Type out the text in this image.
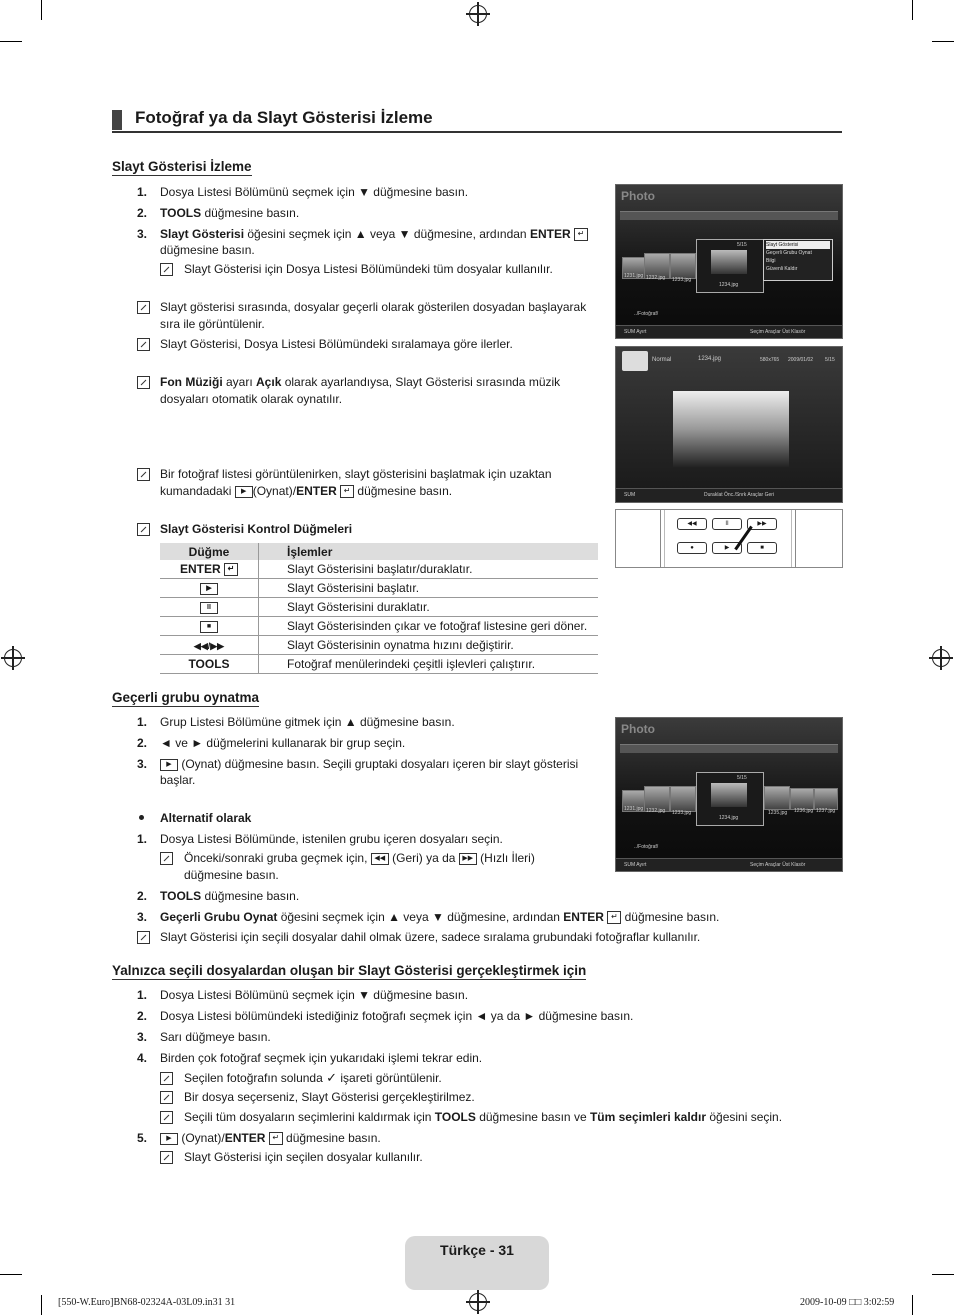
Fotoğraf ya da Slayt Gösterisi İzleme
Slayt Gösterisi İzleme
1. Dosya Listesi Bölümünü seçmek için ▼ düğmesine basın.
2. TOOLS düğmesine basın.
3. Slayt Gösterisi öğesini seçmek için ▲ veya ▼ düğmesine, ardından ENTER ↵
düğmesine basın.
Slayt Gösterisi için Dosya Listesi Bölümündeki tüm dosyalar kullanılır.
Slayt gösterisi sırasında, dosyalar geçerli olarak gösterilen dosyadan başlayarak
sıra ile görüntülenir.
Slayt Gösterisi, Dosya Listesi Bölümündeki sıralamaya göre ilerler.
Fon Müziği ayarı Açık olarak ayarlandıysa, Slayt Gösterisi sırasında müzik
dosyaları otomatik olarak oynatılır.
Bir fotoğraf listesi görüntülenirken, slayt gösterisini başlatmak için uzaktan
kumandadaki ▶ (Oynat)/ENTER ↵ düğmesine basın.
Slayt Gösterisi Kontrol Düğmeleri
Düğme	İşlemler
ENTER ↵	Slayt Gösterisini başlatır/duraklatır.
▶	Slayt Gösterisini başlatır.
II	Slayt Gösterisini duraklatır.
■	Slayt Gösterisinden çıkar ve fotoğraf listesine geri döner.
◀◀/▶▶	Slayt Gösterisinin oynatma hızını değiştirir.
TOOLS	Fotoğraf menülerindeki çeşitli işlevleri çalıştırır.
Photo
5/15
1234.jpg
Slayt Gösterisi
Geçerli Grubu Oynat
Bilgi
Güvenli Kaldır
1231.jpg 1232.jpg 1233.jpg
../Fotoğraf/
SUM Ayırt	Seçim Araçlar Üst Klasör
Normal	1234.jpg	580x765 2009/01/02 5/15
SUM	Duraklat Önc./Snrk Araçlar Geri
◀◀	II	▶▶
●	▶	■
Geçerli grubu oynatma
1. Grup Listesi Bölümüne gitmek için ▲ düğmesine basın.
2. ◄ ve ► düğmelerini kullanarak bir grup seçin.
3.	▶ (Oynat) düğmesine basın. Seçili gruptaki dosyaları içeren bir slayt gösterisi
başlar.
Alternatif olarak
1. Dosya Listesi Bölümünde, istenilen grubu içeren dosyaları seçin.
Önceki/sonraki gruba geçmek için, ◀◀ (Geri) ya da ▶▶ (Hızlı İleri)
düğmesine basın.
2. TOOLS düğmesine basın.
3. Geçerli Grubu Oynat öğesini seçmek için ▲ veya ▼ düğmesine, ardından ENTER ↵ düğmesine basın.
Slayt Gösterisi için seçili dosyalar dahil olmak üzere, sadece sıralama grubundaki fotoğraflar kullanılır.
Photo
5/15
1234.jpg
1231.jpg 1232.jpg 1233.jpg	1235.jpg 1236.jpg 1237.jpg
../Fotoğraf/
SUM Ayırt	Seçim Araçlar Üst Klasör
Yalnızca seçili dosyalardan oluşan bir Slayt Gösterisi gerçekleştirmek için
1. Dosya Listesi Bölümünü seçmek için ▼ düğmesine basın.
2. Dosya Listesi bölümündeki istediğiniz fotoğrafı seçmek için ◄ ya da ► düğmesine basın.
3. Sarı düğmeye basın.
4. Birden çok fotoğraf seçmek için yukarıdaki işlemi tekrar edin.
Seçilen fotoğrafın solunda ✓ işareti görüntülenir.
Bir dosya seçerseniz, Slayt Gösterisi gerçekleştirilmez.
Seçili tüm dosyaların seçimlerini kaldırmak için TOOLS düğmesine basın ve Tüm seçimleri kaldır öğesini seçin.
5.	▶ (Oynat)/ENTER ↵ düğmesine basın.
Slayt Gösterisi için seçilen dosyalar kullanılır.
Türkçe - 31
[550-W.Euro]BN68-02324A-03L09.in31 31	2009-10-09 □□ 3:02:59
